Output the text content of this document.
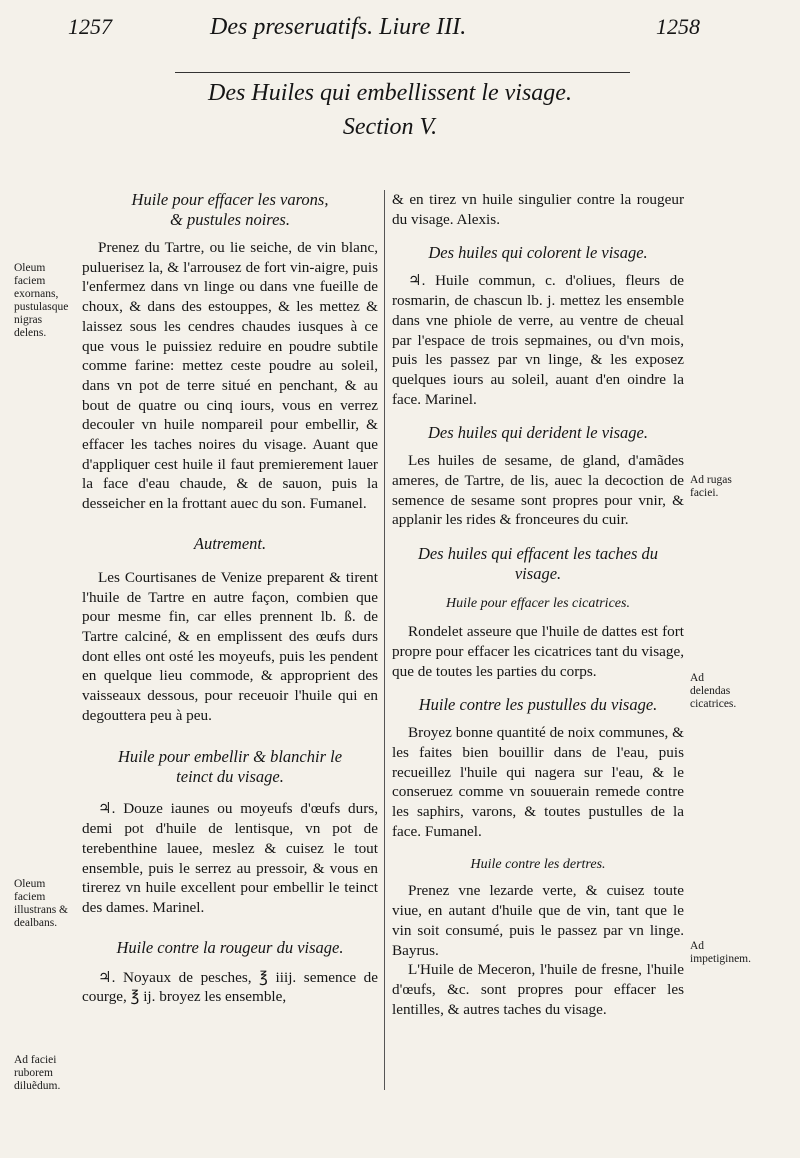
1257	Des preseruatifs. Liure III.	1258
Des Huiles qui embellissent le visage.
Section V.

Huile pour effacer les varons, & pustules noires.

Prenez du Tartre, ou lie seiche, de vin blanc, puluerisez la, & l'arrousez de fort vin-aigre, puis l'enfermez dans vn linge ou dans vne fueille de choux, & dans des estouppes, & les mettez & laissez sous les cendres chaudes iusques à ce que vous le puissiez reduire en poudre subtile comme farine: mettez ceste poudre au soleil, dans vn pot de terre situé en penchant, & au bout de quatre ou cinq iours, vous en verrez decouler vn huile nompareil pour embellir, & effacer les taches noires du visage. Auant que d'appliquer cest huile il faut premierement lauer la face d'eau chaude, & de sauon, puis la desseicher en la frottant auec du son. Fumanel.

Autrement.

Les Courtisanes de Venize preparent & tirent l'huile de Tartre en autre façon, combien que pour mesme fin, car elles prennent lb. ß. de Tartre calciné, & en emplissent des œufs durs dont elles ont osté les moyeufs, puis les pendent en quelque lieu commode, & approprient des vaisseaux dessous, pour receuoir l'huile qui en degouttera peu à peu.

Huile pour embellir & blanchir le teinct du visage.

♃. Douze iaunes ou moyeufs d'œufs durs, demi pot d'huile de lentisque, vn pot de terebenthine lauee, meslez & cuisez le tout ensemble, puis le serrez au pressoir, & vous en tirerez vn huile excellent pour embellir le teinct des dames. Marinel.

Huile contre la rougeur du visage.

♃. Noyaux de pesches, ℥ iiij. semence de courge, ℥ ij. broyez les ensemble,

& en tirez vn huile singulier contre la rougeur du visage. Alexis.

Des huiles qui colorent le visage.

♃. Huile commun, c. d'oliues, fleurs de rosmarin, de chascun lb. j. mettez les ensemble dans vne phiole de verre, au ventre de cheual par l'espace de trois sepmaines, ou d'vn mois, puis les passez par vn linge, & les exposez quelques iours au soleil, auant d'en oindre la face. Marinel.

Des huiles qui derident le visage.

Les huiles de sesame, de gland, d'amãdes ameres, de Tartre, de lis, auec la decoction de semence de sesame sont propres pour vnir, & applanir les rides & fronceures du cuir.

Des huiles qui effacent les taches du visage.

Huile pour effacer les cicatrices.

Rondelet asseure que l'huile de dattes est fort propre pour effacer les cicatrices tant du visage, que de toutes les parties du corps.

Huile contre les pustulles du visage.

Broyez bonne quantité de noix communes, & les faites bien bouillir dans de l'eau, puis recueillez l'huile qui nagera sur l'eau, & le conseruez comme vn souuerain remede contre les saphirs, varons, & toutes pustulles de la face. Fumanel.

Huile contre les dertres.

Prenez vne lezarde verte, & cuisez toute viue, en autant d'huile que de vin, tant que le vin soit consumé, puis le passez par vn linge. Bayrus.

L'Huile de Meceron, l'huile de fresne, l'huile d'œufs, &c. sont propres pour effacer les lentilles, & autres taches du visage.

Oleum faciem exornans, pustulasque nigras delens.
Oleum faciem illustrans & dealbans.
Ad faciei ruborem diluẽdum.
Ad rugas faciei.
Ad delendas cicatrices.
Ad impetiginem.
